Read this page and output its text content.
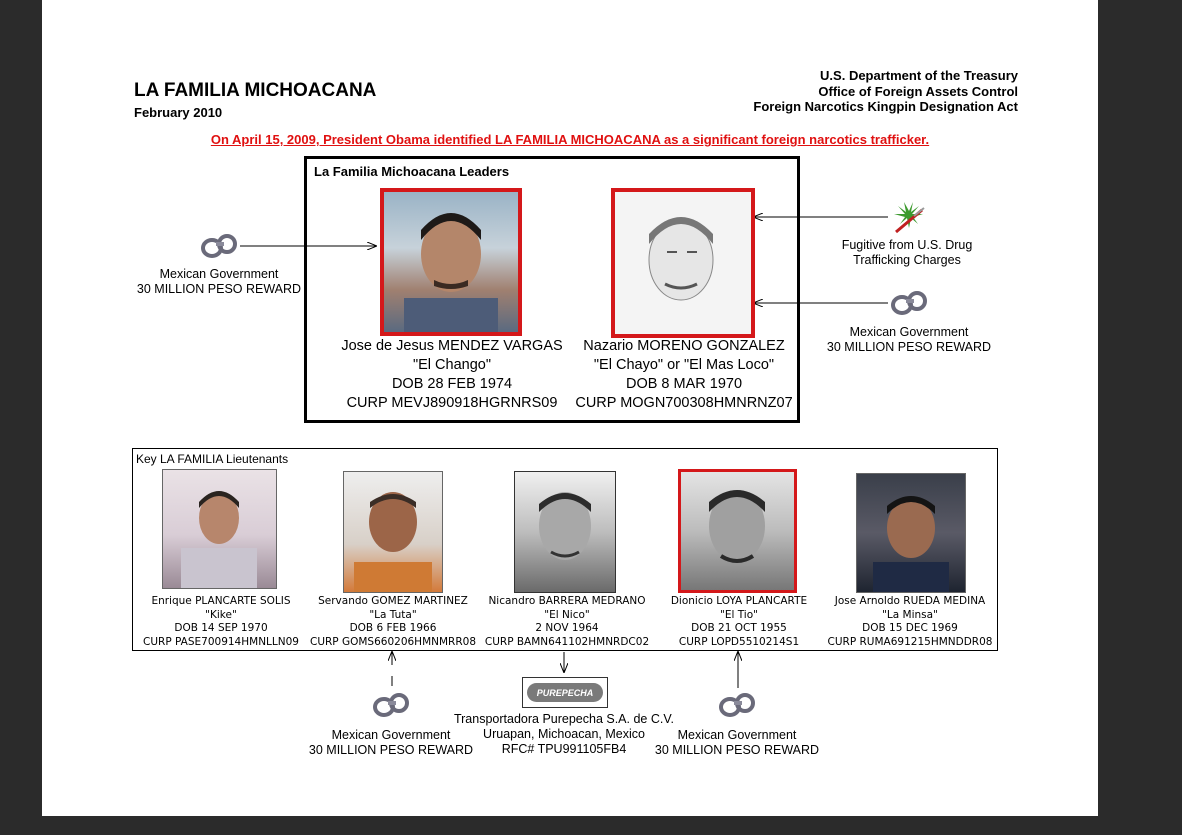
LA FAMILIA MICHOACANA
February 2010
U.S. Department of the Treasury
Office of Foreign Assets Control
Foreign Narcotics Kingpin Designation Act
On April 15, 2009, President Obama identified LA FAMILIA MICHOACANA as a significant foreign narcotics trafficker.
Mexican Government
30 MILLION PESO REWARD
Fugitive from U.S. Drug
Trafficking Charges
Mexican Government
30 MILLION PESO REWARD
La Familia Michoacana Leaders
Jose de Jesus MENDEZ VARGAS
"El Chango"
DOB 28 FEB 1974
CURP MEVJ890918HGRNRS09
Nazario MORENO GONZALEZ
"El Chayo" or "El Mas Loco"
DOB 8 MAR 1970
CURP MOGN700308HMNRNZ07
Key LA FAMILIA Lieutenants
Enrique PLANCARTE SOLIS
"Kike"
DOB 14 SEP 1970
CURP PASE700914HMNLLN09
Servando GOMEZ MARTINEZ
"La Tuta"
DOB 6 FEB 1966
CURP GOMS660206HMNMRR08
Nicandro BARRERA MEDRANO
"El Nico"
2 NOV 1964
CURP BAMN641102HMNRDC02
Dionicio LOYA PLANCARTE
"El Tio"
DOB 21 OCT 1955
CURP LOPD5510214S1
Jose Arnoldo RUEDA MEDINA
"La Minsa"
DOB 15 DEC 1969
CURP RUMA691215HMNDDR08
Mexican Government
30 MILLION PESO REWARD
PUREPECHA
Transportadora Purepecha S.A. de C.V.
Uruapan, Michoacan, Mexico
RFC# TPU991105FB4
Mexican Government
30 MILLION PESO REWARD
